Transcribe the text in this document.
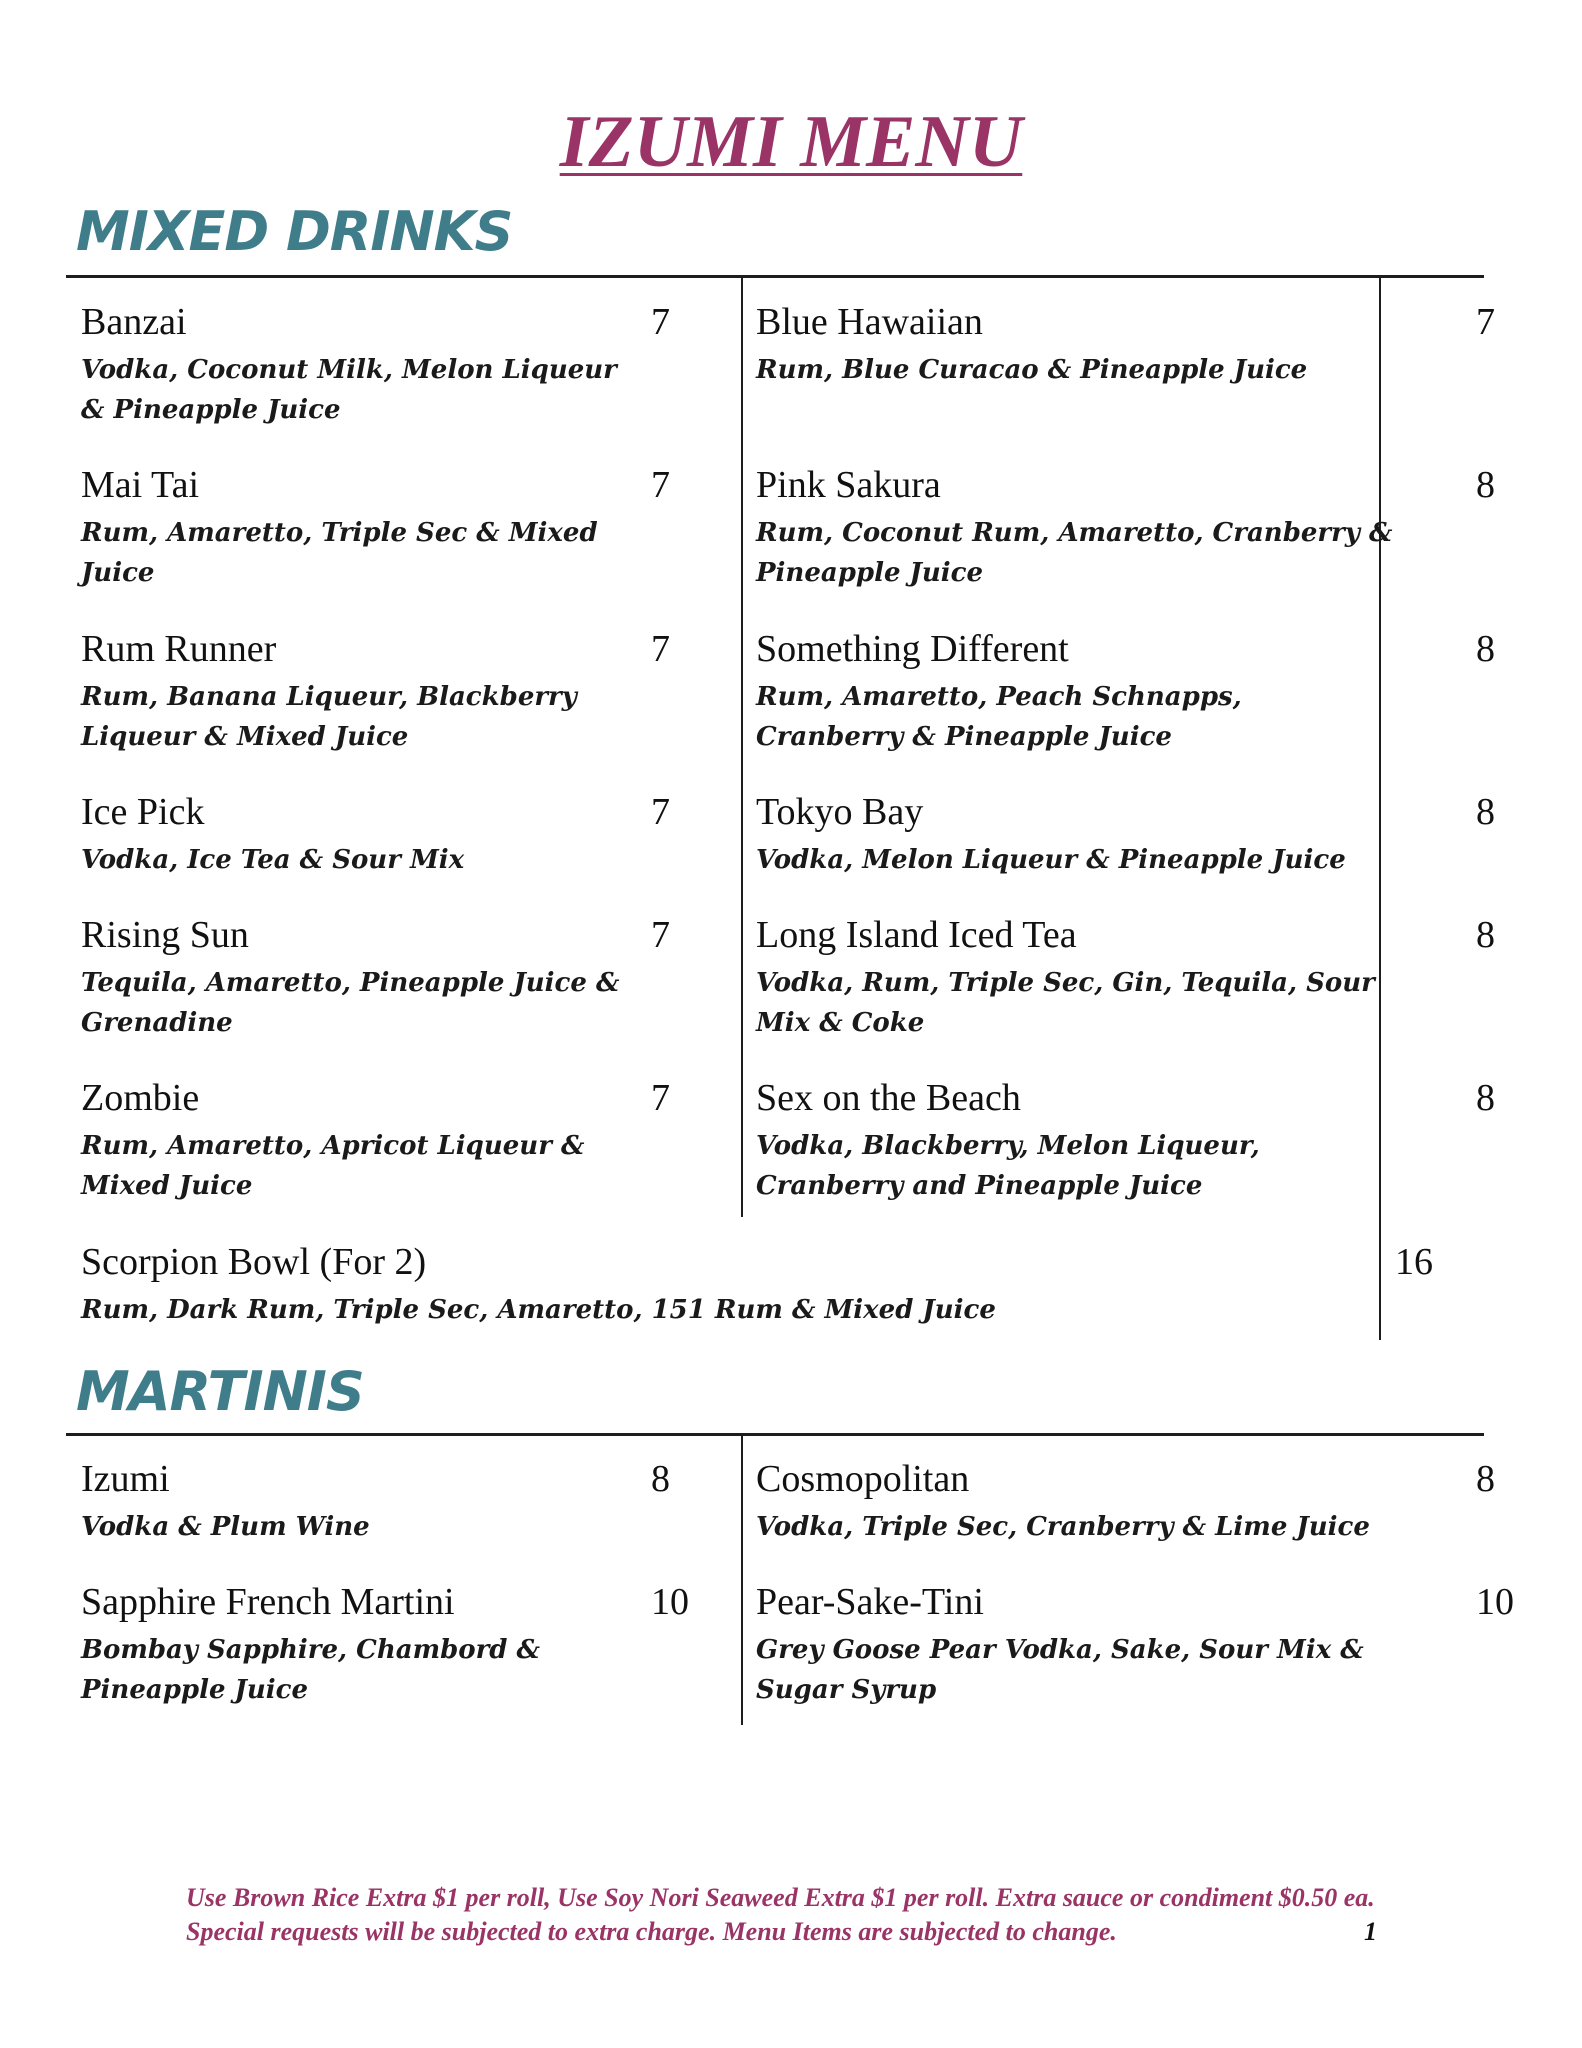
IZUMI MENU
MIXED DRINKS
Banzai
Vodka, Coconut Milk, Melon Liqueur & Pineapple Juice
7 Blue Hawaiian
Rum, Blue Curacao & Pineapple Juice
7
Mai Tai
Rum, Amaretto, Triple Sec & Mixed Juice
7 Pink Sakura
Rum, Coconut Rum, Amaretto, Cranberry & Pineapple Juice
8
Rum Runner
Rum, Banana Liqueur, Blackberry Liqueur & Mixed Juice
7 Something Different
Rum, Amaretto, Peach Schnapps, Cranberry & Pineapple Juice
8
Ice Pick
Vodka, Ice Tea & Sour Mix
7 Tokyo Bay
Vodka, Melon Liqueur & Pineapple Juice
8
Rising Sun
Tequila, Amaretto, Pineapple Juice & Grenadine
7 Long Island Iced Tea
Vodka, Rum, Triple Sec, Gin, Tequila, Sour Mix & Coke
8
Zombie
Rum, Amaretto, Apricot Liqueur & Mixed Juice
7 Sex on the Beach
Vodka, Blackberry, Melon Liqueur, Cranberry and Pineapple Juice
8
Scorpion Bowl (For 2)
Rum, Dark Rum, Triple Sec, Amaretto, 151 Rum & Mixed Juice
16
MARTINIS
Izumi
Vodka & Plum Wine
8 Cosmopolitan
Vodka, Triple Sec, Cranberry & Lime Juice
8
Sapphire French Martini
Bombay Sapphire, Chambord & Pineapple Juice
10 Pear-Sake-Tini
Grey Goose Pear Vodka, Sake, Sour Mix & Sugar Syrup
10
Use Brown Rice Extra $1 per roll, Use Soy Nori Seaweed Extra $1 per roll. Extra sauce or condiment $0.50 ea. Special requests will be subjected to extra charge. Menu Items are subjected to change.	1
